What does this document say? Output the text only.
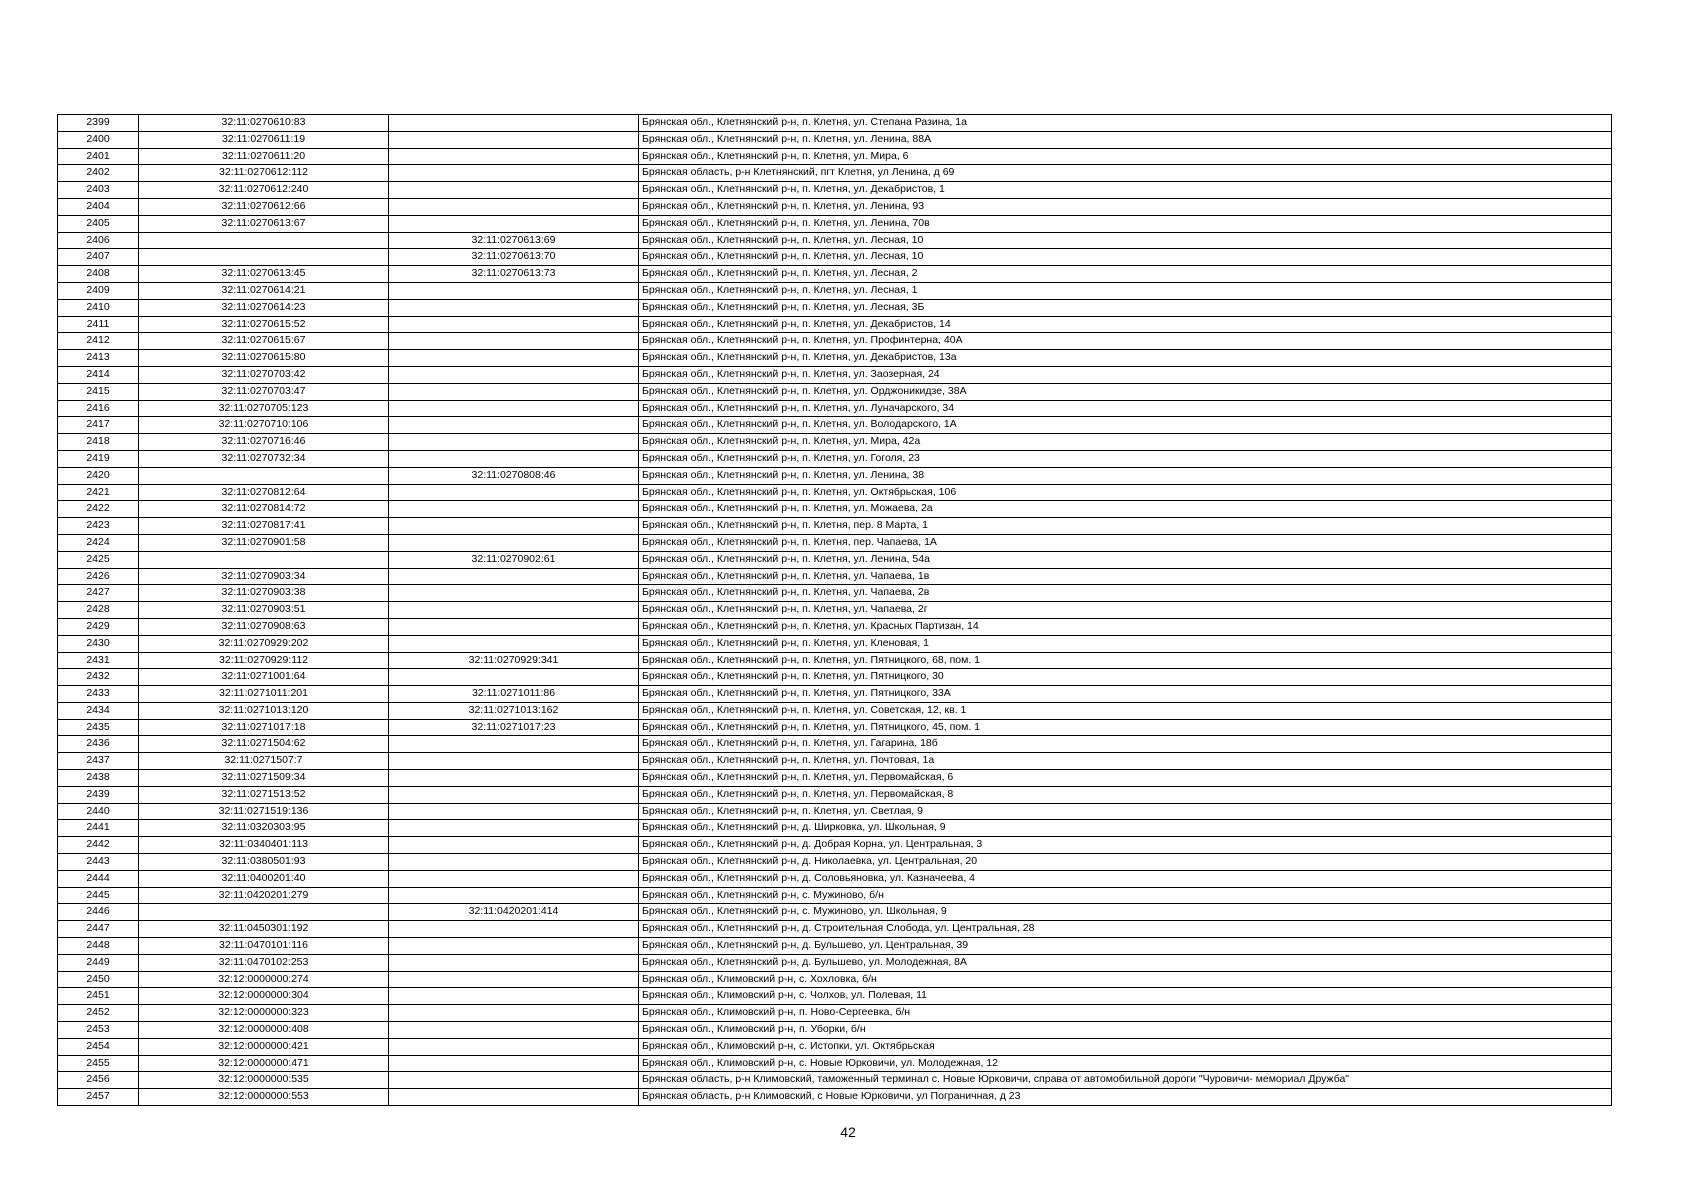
2399	32:11:0270610:83		Брянская обл., Клетнянский р-н, п. Клетня, ул. Степана Разина, 1а
2400	32:11:0270611:19		Брянская обл., Клетнянский р-н, п. Клетня, ул. Ленина, 88А
2401	32:11:0270611:20		Брянская обл., Клетнянский р-н, п. Клетня, ул. Мира, 6
2402	32:11:0270612:112		Брянская область, р-н Клетнянский, пгт Клетня, ул Ленина, д 69
2403	32:11:0270612:240		Брянская обл., Клетнянский р-н, п. Клетня, ул. Декабристов, 1
2404	32:11:0270612:66		Брянская обл., Клетнянский р-н, п. Клетня, ул. Ленина, 93
2405	32:11:0270613:67		Брянская обл., Клетнянский р-н, п. Клетня, ул. Ленина, 70в
2406		32:11:0270613:69	Брянская обл., Клетнянский р-н, п. Клетня, ул. Лесная, 10
2407		32:11:0270613:70	Брянская обл., Клетнянский р-н, п. Клетня, ул. Лесная, 10
2408	32:11:0270613:45	32:11:0270613:73	Брянская обл., Клетнянский р-н, п. Клетня, ул. Лесная, 2
2409	32:11:0270614:21		Брянская обл., Клетнянский р-н, п. Клетня, ул. Лесная, 1
2410	32:11:0270614:23		Брянская обл., Клетнянский р-н, п. Клетня, ул. Лесная, 3Б
2411	32:11:0270615:52		Брянская обл., Клетнянский р-н, п. Клетня, ул. Декабристов, 14
2412	32:11:0270615:67		Брянская обл., Клетнянский р-н, п. Клетня, ул. Профинтерна, 40А
2413	32:11:0270615:80		Брянская обл., Клетнянский р-н, п. Клетня, ул. Декабристов, 13а
2414	32:11:0270703:42		Брянская обл., Клетнянский р-н, п. Клетня, ул. Заозерная, 24
2415	32:11:0270703:47		Брянская обл., Клетнянский р-н, п. Клетня, ул. Орджоникидзе, 38А
2416	32:11:0270705:123		Брянская обл., Клетнянский р-н, п. Клетня, ул. Луначарского, 34
2417	32:11:0270710:106		Брянская обл., Клетнянский р-н, п. Клетня, ул. Володарского, 1А
2418	32:11:0270716:46		Брянская обл., Клетнянский р-н, п. Клетня, ул. Мира, 42а
2419	32:11:0270732:34		Брянская обл., Клетнянский р-н, п. Клетня, ул. Гоголя, 23
2420		32:11:0270808:46	Брянская обл., Клетнянский р-н, п. Клетня, ул. Ленина, 38
2421	32:11:0270812:64		Брянская обл., Клетнянский р-н, п. Клетня, ул. Октябрьская, 106
2422	32:11:0270814:72		Брянская обл., Клетнянский р-н, п. Клетня, ул. Можаева, 2а
2423	32:11:0270817:41		Брянская обл., Клетнянский р-н, п. Клетня, пер. 8 Марта, 1
2424	32:11:0270901:58		Брянская обл., Клетнянский р-н, п. Клетня, пер. Чапаева, 1А
2425		32:11:0270902:61	Брянская обл., Клетнянский р-н, п. Клетня, ул. Ленина, 54а
2426	32:11:0270903:34		Брянская обл., Клетнянский р-н, п. Клетня, ул. Чапаева, 1в
2427	32:11:0270903:38		Брянская обл., Клетнянский р-н, п. Клетня, ул. Чапаева, 2в
2428	32:11:0270903:51		Брянская обл., Клетнянский р-н, п. Клетня, ул. Чапаева, 2г
2429	32:11:0270908:63		Брянская обл., Клетнянский р-н, п. Клетня, ул. Красных Партизан, 14
2430	32:11:0270929:202		Брянская обл., Клетнянский р-н, п. Клетня, ул. Кленовая, 1
2431	32:11:0270929:112	32:11:0270929:341	Брянская обл., Клетнянский р-н, п. Клетня, ул. Пятницкого, 68, пом. 1
2432	32:11:0271001:64		Брянская обл., Клетнянский р-н, п. Клетня, ул. Пятницкого, 30
2433	32:11:0271011:201	32:11:0271011:86	Брянская обл., Клетнянский р-н, п. Клетня, ул. Пятницкого, 33А
2434	32:11:0271013:120	32:11:0271013:162	Брянская обл., Клетнянский р-н, п. Клетня, ул. Советская, 12, кв. 1
2435	32:11:0271017:18	32:11:0271017:23	Брянская обл., Клетнянский р-н, п. Клетня, ул. Пятницкого, 45, пом. 1
2436	32:11:0271504:62		Брянская обл., Клетнянский р-н, п. Клетня, ул. Гагарина, 18б
2437	32:11:0271507:7		Брянская обл., Клетнянский р-н, п. Клетня, ул. Почтовая, 1а
2438	32:11:0271509:34		Брянская обл., Клетнянский р-н, п. Клетня, ул. Первомайская, 6
2439	32:11:0271513:52		Брянская обл., Клетнянский р-н, п. Клетня, ул. Первомайская, 8
2440	32:11:0271519:136		Брянская обл., Клетнянский р-н, п. Клетня, ул. Светлая, 9
2441	32:11:0320303:95		Брянская обл., Клетнянский р-н, д. Ширковка, ул. Школьная, 9
2442	32:11:0340401:113		Брянская обл., Клетнянский р-н, д. Добрая Корна, ул. Центральная, 3
2443	32:11:0380501:93		Брянская обл., Клетнянский р-н, д. Николаевка, ул. Центральная, 20
2444	32:11:0400201:40		Брянская обл., Клетнянский р-н, д. Соловьяновка, ул. Казначеева, 4
2445	32:11:0420201:279		Брянская обл., Клетнянский р-н, с. Мужиново, б/н
2446		32:11:0420201:414	Брянская обл., Клетнянский р-н, с. Мужиново, ул. Школьная, 9
2447	32:11:0450301:192		Брянская обл., Клетнянский р-н, д. Строительная Слобода, ул. Центральная, 28
2448	32:11:0470101:116		Брянская обл., Клетнянский р-н, д. Бульшево, ул. Центральная, 39
2449	32:11:0470102:253		Брянская обл., Клетнянский р-н, д. Бульшево, ул. Молодежная, 8А
2450	32:12:0000000:274		Брянская обл., Климовский р-н, с. Хохловка, б/н
2451	32:12:0000000:304		Брянская обл., Климовский р-н, с. Чолхов, ул. Полевая, 11
2452	32:12:0000000:323		Брянская обл., Климовский р-н, п. Ново-Сергеевка, б/н
2453	32:12:0000000:408		Брянская обл., Климовский р-н, п. Уборки, б/н
2454	32:12:0000000:421		Брянская обл., Климовский р-н, с. Истопки, ул. Октябрьская
2455	32:12:0000000:471		Брянская обл., Климовский р-н, с. Новые Юрковичи, ул. Молодежная, 12
2456	32:12:0000000:535		Брянская область, р-н Климовский, таможенный терминал с. Новые Юрковичи, справа от автомобильной дороги "Чуровичи- мемориал Дружба"
2457	32:12:0000000:553		Брянская область, р-н Климовский, с Новые Юрковичи, ул Пограничная, д 23
42
